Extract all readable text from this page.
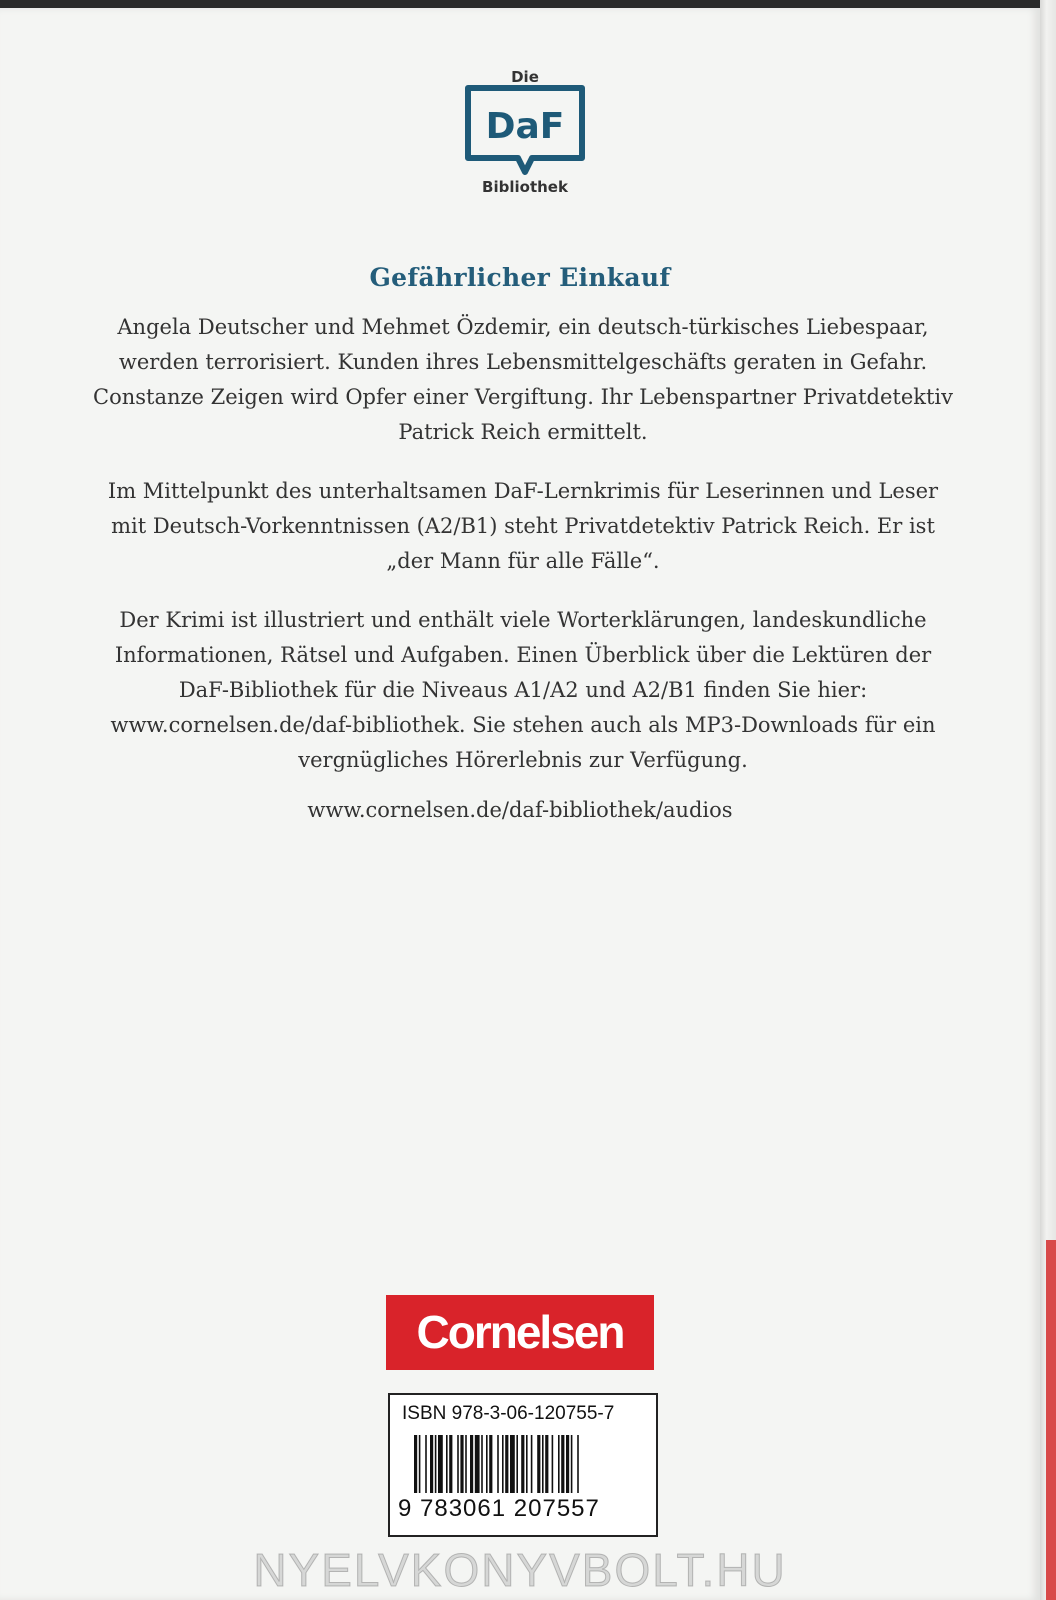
Die
DaF
Bibliothek
Gefährlicher Einkauf

Angela Deutscher und Mehmet Özdemir, ein deutsch-türkisches Liebespaar, werden terrorisiert. Kunden ihres Lebensmittelgeschäfts geraten in Gefahr. Constanze Zeigen wird Opfer einer Vergiftung. Ihr Lebenspartner Privatdetektiv Patrick Reich ermittelt.

Im Mittelpunkt des unterhaltsamen DaF-Lernkrimis für Leserinnen und Leser mit Deutsch-Vorkenntnissen (A2/B1) steht Privatdetektiv Patrick Reich. Er ist „der Mann für alle Fälle“.

Der Krimi ist illustriert und enthält viele Worterklärungen, landeskundliche Informationen, Rätsel und Aufgaben. Einen Überblick über die Lektüren der DaF-Bibliothek für die Niveaus A1/A2 und A2/B1 finden Sie hier: www.cornelsen.de/daf-bibliothek. Sie stehen auch als MP3-Downloads für ein vergnügliches Hörerlebnis zur Verfügung.

www.cornelsen.de/daf-bibliothek/audios
Cornelsen
ISBN 978-3-06-120755-7
9 783061 207557
NYELVKONYVBOLT.HU
